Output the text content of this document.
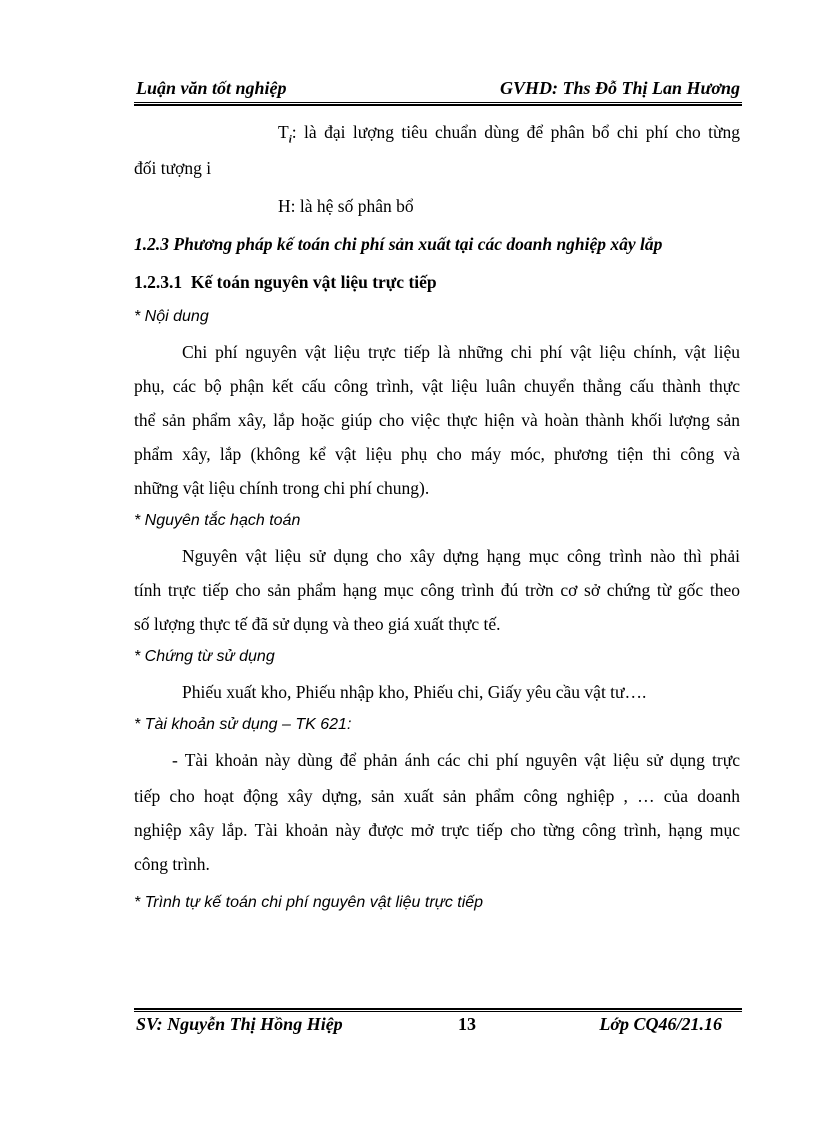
Luận văn tốt nghiệp	GVHD: Ths Đỗ Thị Lan Hương
$T_i$: là đại lượng tiêu chuẩn dùng để phân bổ chi phí cho từng
đối tượng i
H: là hệ số phân bổ
1.2.3 Phương pháp kế toán chi phí sản xuất tại các doanh nghiệp xây lắp
1.2.3.1 Kế toán nguyên vật liệu trực tiếp
* Nội dung
Chi phí nguyên vật liệu trực tiếp là những chi phí vật liệu chính, vật liệu
phụ, các bộ phận kết cấu công trình, vật liệu luân chuyển thẳng cấu thành thực
thể sản phẩm xây, lắp hoặc giúp cho việc thực hiện và hoàn thành khối lượng sản
phẩm xây, lắp (không kể vật liệu phụ cho máy móc, phương tiện thi công và
những vật liệu chính trong chi phí chung).
* Nguyên tắc hạch toán
Nguyên vật liệu sử dụng cho xây dựng hạng mục công trình nào thì phải
tính trực tiếp cho sản phẩm hạng mục công trình đú trờn cơ sở chứng từ gốc theo
số lượng thực tế đã sử dụng và theo giá xuất thực tế.
* Chứng từ sử dụng
Phiếu xuất kho, Phiếu nhập kho, Phiếu chi, Giấy yêu cầu vật tư….
* Tài khoản sử dụng – TK 621:
- Tài khoản này dùng để phản ánh các chi phí nguyên vật liệu sử dụng trực
tiếp cho hoạt động xây dựng, sản xuất sản phẩm công nghiệp , … của doanh
nghiệp xây lắp. Tài khoản này được mở trực tiếp cho từng công trình, hạng mục
công trình.
* Trình tự kế toán chi phí nguyên vật liệu trực tiếp
SV: Nguyễn Thị Hồng Hiệp	13	Lớp CQ46/21.16
